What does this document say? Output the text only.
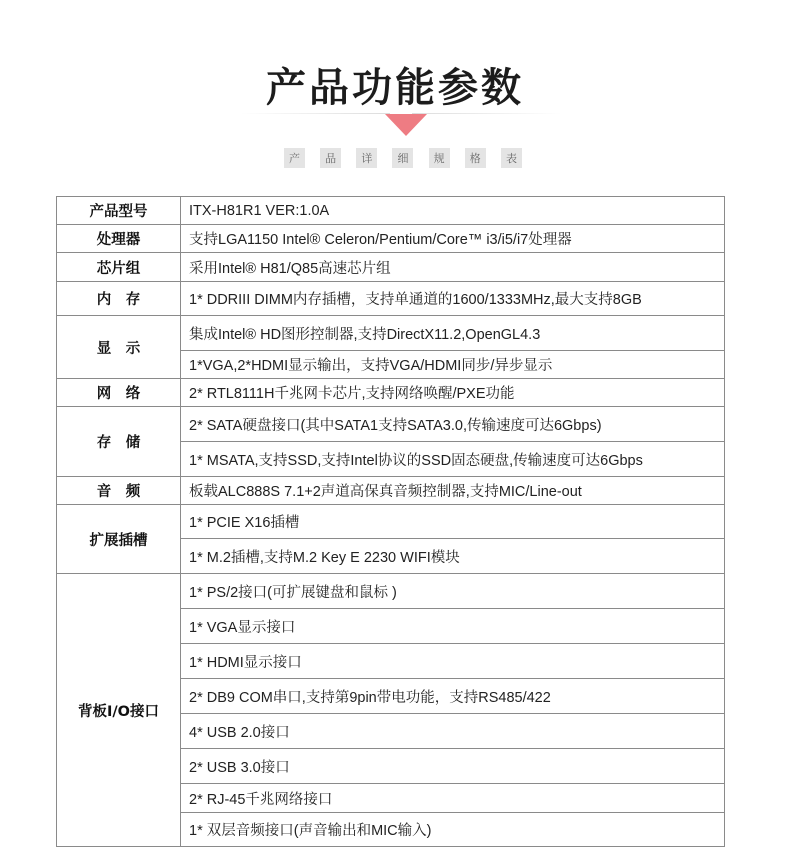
产品功能参数
产	品	详	细	规	格	表
产品型号	ITX-H81R1 VER:1.0A
处理器	支持LGA1150 Intel® Celeron/Pentium/Core™ i3/i5/i7处理器
芯片组	采用Intel® H81/Q85高速芯片组
内　存	1* DDRIII DIMM内存插槽，支持单通道的1600/1333MHz,最大支持8GB
显　示	集成Intel® HD图形控制器,支持DirectX11.2,OpenGL4.3
	1*VGA,2*HDMI显示输出，支持VGA/HDMI同步/异步显示
网　络	2* RTL8111H千兆网卡芯片,支持网络唤醒/PXE功能
存　储	2* SATA硬盘接口(其中SATA1支持SATA3.0,传输速度可达6Gbps)
	1* MSATA,支持SSD,支持Intel协议的SSD固态硬盘,传输速度可达6Gbps
音　频	板载ALC888S 7.1+2声道高保真音频控制器,支持MIC/Line-out
扩展插槽	1* PCIE X16插槽
	1* M.2插槽,支持M.2 Key E 2230 WIFI模块
背板I/O接口	1* PS/2接口(可扩展键盘和鼠标 )
	1* VGA显示接口
	1* HDMI显示接口
	2* DB9 COM串口,支持第9pin带电功能，支持RS485/422
	4* USB 2.0接口
	2* USB 3.0接口
	2* RJ-45千兆网络接口
	1* 双层音频接口(声音输出和MIC输入)
